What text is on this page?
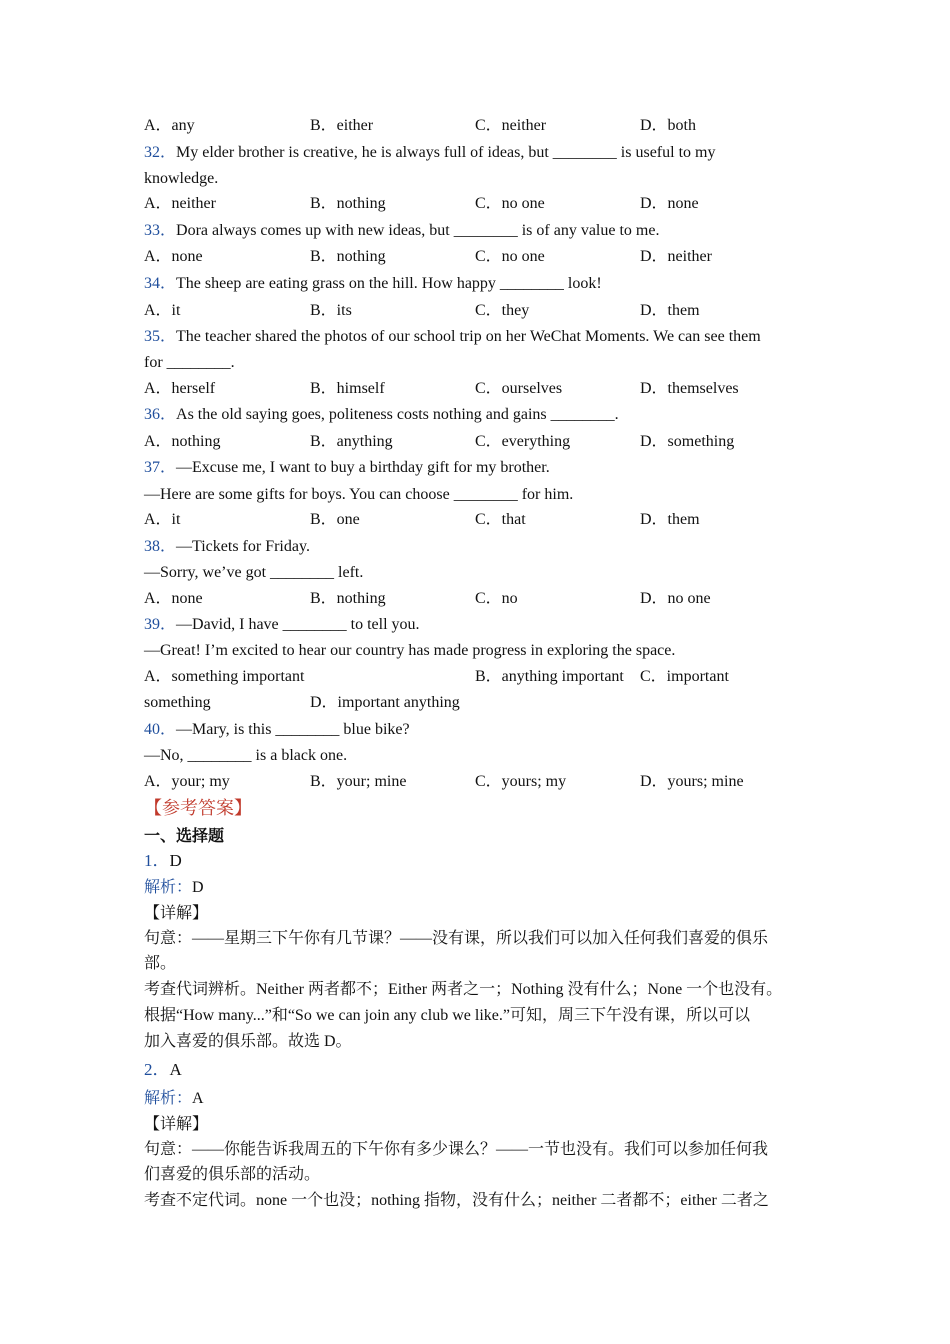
A．any	B．either	C．neither	D．both
32．My elder brother is creative, he is always full of ideas, but ________ is useful to my
knowledge.
A．neither	B．nothing	C．no one	D．none
33．Dora always comes up with new ideas, but ________ is of any value to me.
A．none	B．nothing	C．no one	D．neither
34．The sheep are eating grass on the hill. How happy ________ look!
A．it	B．its	C．they	D．them
35．The teacher shared the photos of our school trip on her WeChat Moments. We can see them
for ________.
A．herself	B．himself	C．ourselves	D．themselves
36．As the old saying goes, politeness costs nothing and gains ________.
A．nothing	B．anything	C．everything	D．something
37．—Excuse me, I want to buy a birthday gift for my brother.
—Here are some gifts for boys. You can choose ________ for him.
A．it	B．one	C．that	D．them
38．—Tickets for Friday.
—Sorry, we’ve got ________ left.
A．none	B．nothing	C．no	D．no one
39．—David, I have ________ to tell you.
—Great! I’m excited to hear our country has made progress in exploring the space.
A．something important	B．anything important C．important
something	D．important anything
40．—Mary, is this ________ blue bike?
—No, ________ is a black one.
A．your; my	B．your; mine	C．yours; my	D．yours; mine
【参考答案】
一、选择题
1．D
解析：D
【详解】
句意：——星期三下午你有几节课？——没有课，所以我们可以加入任何我们喜爱的俱乐
部。
考查代词辨析。Neither 两者都不；Either 两者之一；Nothing 没有什么；None 一个也没有。
根据“How many...”和“So we can join any club we like.”可知，周三下午没有课，所以可以
加入喜爱的俱乐部。故选 D。
2．A
解析：A
【详解】
句意：——你能告诉我周五的下午你有多少课么？——一节也没有。我们可以参加任何我
们喜爱的俱乐部的活动。
考查不定代词。none 一个也没；nothing 指物，没有什么；neither 二者都不；either 二者之
